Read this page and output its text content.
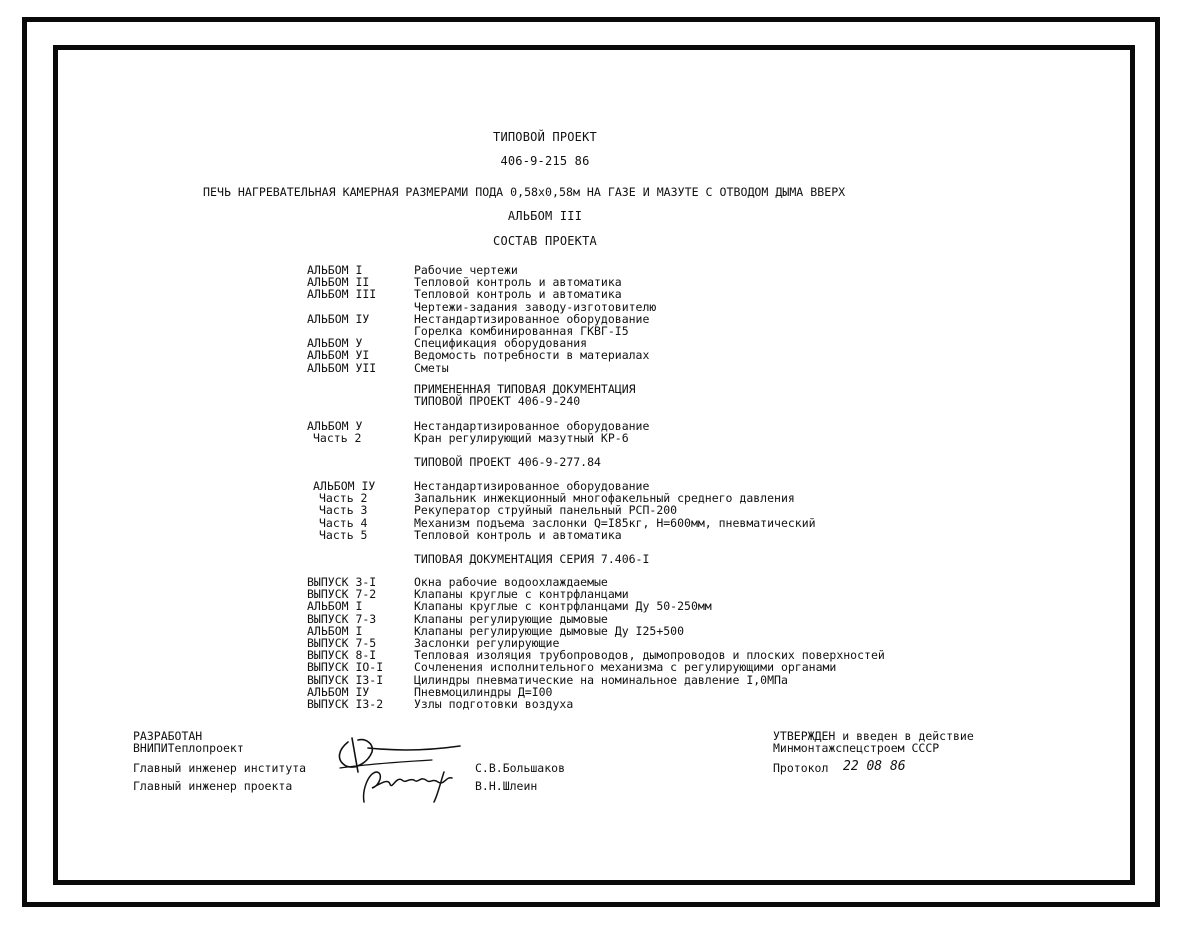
ТИПОВОЙ ПРОЕКТ
406-9-215 86
ПЕЧЬ НАГРЕВАТЕЛЬНАЯ КАМЕРНАЯ РАЗМЕРАМИ ПОДА 0,58х0,58м НА ГАЗЕ И МАЗУТЕ С ОТВОДОМ ДЫМА ВВЕРХ
АЛЬБОМ III
СОСТАВ ПРОЕКТА
АЛЬБОМ I	Рабочие чертежи
АЛЬБОМ II	Тепловой контроль и автоматика
АЛЬБОМ III	Тепловой контроль и автоматика
Чертежи-задания заводу-изготовителю
АЛЬБОМ IУ	Нестандартизированное оборудование
Горелка комбинированная ГКВГ-I5
АЛЬБОМ У	Спецификация оборудования
АЛЬБОМ УI	Ведомость потребности в материалах
АЛЬБОМ УII	Сметы
ПРИМЕНЕННАЯ ТИПОВАЯ ДОКУМЕНТАЦИЯ
ТИПОВОЙ ПРОЕКТ 406-9-240
АЛЬБОМ У	Нестандартизированное оборудование
Часть 2	Кран регулирующий мазутный КР-6
ТИПОВОЙ ПРОЕКТ 406-9-277.84
АЛЬБОМ IУ	Нестандартизированное оборудование
Часть 2	Запальник инжекционный многофакельный среднего давления
Часть 3	Рекуператор струйный панельный РСП-200
Часть 4	Механизм подъема заслонки Q=I85кг, H=600мм, пневматический
Часть 5	Тепловой контроль и автоматика
ТИПОВАЯ ДОКУМЕНТАЦИЯ СЕРИЯ 7.406-I
ВЫПУСК 3-I	Окна рабочие водоохлаждаемые
ВЫПУСК 7-2	Клапаны круглые с контрфланцами
АЛЬБОМ I	Клапаны круглые с контрфланцами Ду 50-250мм
ВЫПУСК 7-3	Клапаны регулирующие дымовые
АЛЬБОМ I	Клапаны регулирующие дымовые Ду I25+500
ВЫПУСК 7-5	Заслонки регулирующие
ВЫПУСК 8-I	Тепловая изоляция трубопроводов, дымопроводов и плоских поверхностей
ВЫПУСК IO-I	Сочленения исполнительного механизма с регулирующими органами
ВЫПУСК I3-I	Цилиндры пневматические на номинальное давление I,0МПа
АЛЬБОМ IУ	Пневмоцилиндры Д=I00
ВЫПУСК I3-2	Узлы подготовки воздуха
РАЗРАБОТАН
ВНИПИТеплопроект
Главный инженер института	С.В.Большаков
Главный инженер проекта	В.Н.Шлеин
УТВЕРЖДЕН и введен в действие
Минмонтажспецстроем СССР
Протокол 22 08 86
